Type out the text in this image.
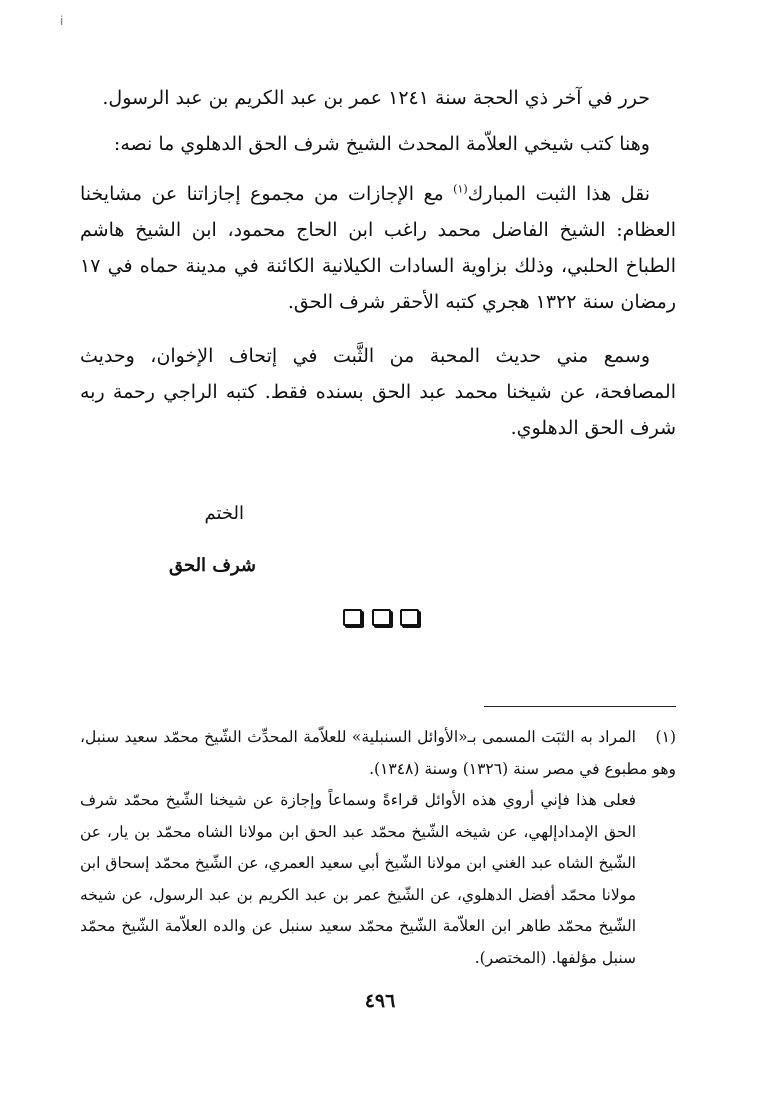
ⅰ

حرر في آخر ذي الحجة سنة ١٢٤١ عمر بن عبد الكريم بن عبد الرسول.

وهنا كتب شيخي العلاّمة المحدث الشيخ شرف الحق الدهلوي ما نصه:

نقل هذا الثبت المبارك$^{(١)}$ مع الإجازات من مجموع إجازاتنا عن مشايخنا العظام: الشيخ الفاضل محمد راغب ابن الحاج محمود، ابن الشيخ هاشم الطباخ الحلبي، وذلك بزاوية السادات الكيلانية الكائنة في مدينة حماه في ١٧ رمضان سنة ١٣٢٢ هجري كتبه الأحقر شرف الحق.

وسمع مني حديث المحبة من الثَّبت في إتحاف الإخوان، وحديث المصافحة، عن شيخنا محمد عبد الحق بسنده فقط. كتبه الراجي رحمة ربه شرف الحق الدهلوي.

الختم
شرف الحق

(١)المراد به الثبَت المسمى بـ«الأوائل السنبلية» للعلاّمة المحدِّث الشّيخ محمّد سعيد سنبل، وهو مطبوع في مصر سنة (١٣٢٦) وسنة (١٣٤٨).

فعلى هذا فإني أروي هذه الأوائل قراءةً وسماعاً وإجازة عن شيخنا الشّيخ محمّد شرف الحق الإمدادإلهي، عن شيخه الشّيخ محمّد عبد الحق ابن مولانا الشاه محمّد بن يار، عن الشّيخ الشاه عبد الغني ابن مولانا الشّيخ أبي سعيد العمري، عن الشّيخ محمّد إسحاق ابن مولانا محمّد أفضل الدهلوي، عن الشّيخ عمر بن عبد الكريم بن عبد الرسول، عن شيخه الشّيخ محمّد طاهر ابن العلاّمة الشّيخ محمّد سعيد سنبل عن والده العلاّمة الشّيخ محمّد سنبل مؤلفها. (المختصر).

٤٩٦
